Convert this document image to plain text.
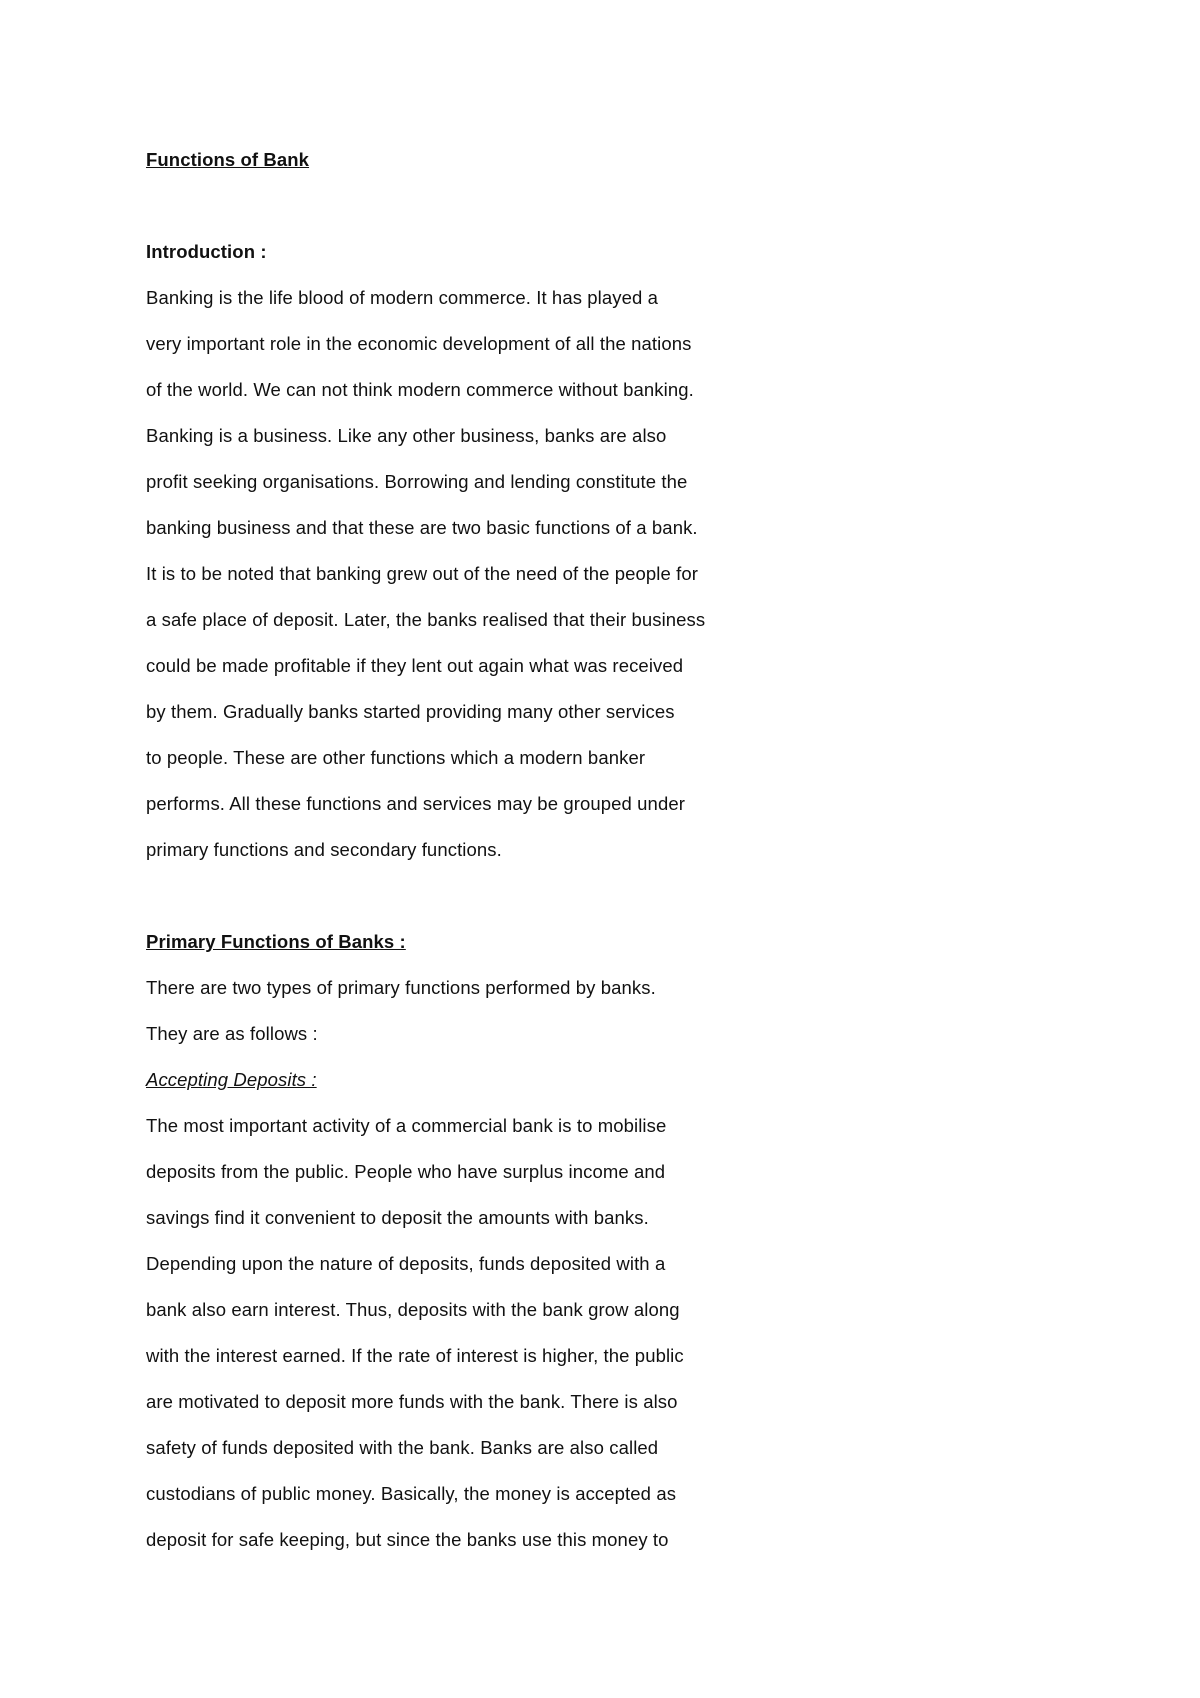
Functions of Bank
Introduction :
Banking is the life blood of modern commerce. It has played a
very important role in the economic development of all the nations
of the world. We can not think modern commerce without banking.
Banking is a business. Like any other business, banks are also
profit seeking organisations. Borrowing and lending constitute the
banking business and that these are two basic functions of a bank.
It is to be noted that banking grew out of the need of the people for
a safe place of deposit. Later, the banks realised that their business
could be made profitable if they lent out again what was received
by them. Gradually banks started providing many other services
to people. These are other functions which a modern banker
performs. All these functions and services may be grouped under
primary functions and secondary functions.
Primary Functions of Banks :
There are two types of primary functions performed by banks.
They are as follows :
Accepting Deposits :
The most important activity of a commercial bank is to mobilise
deposits from the public. People who have surplus income and
savings find it convenient to deposit the amounts with banks.
Depending upon the nature of deposits, funds deposited with a
bank also earn interest. Thus, deposits with the bank grow along
with the interest earned. If the rate of interest is higher, the public
are motivated to deposit more funds with the bank. There is also
safety of funds deposited with the bank. Banks are also called
custodians of public money. Basically, the money is accepted as
deposit for safe keeping, but since the banks use this money to
